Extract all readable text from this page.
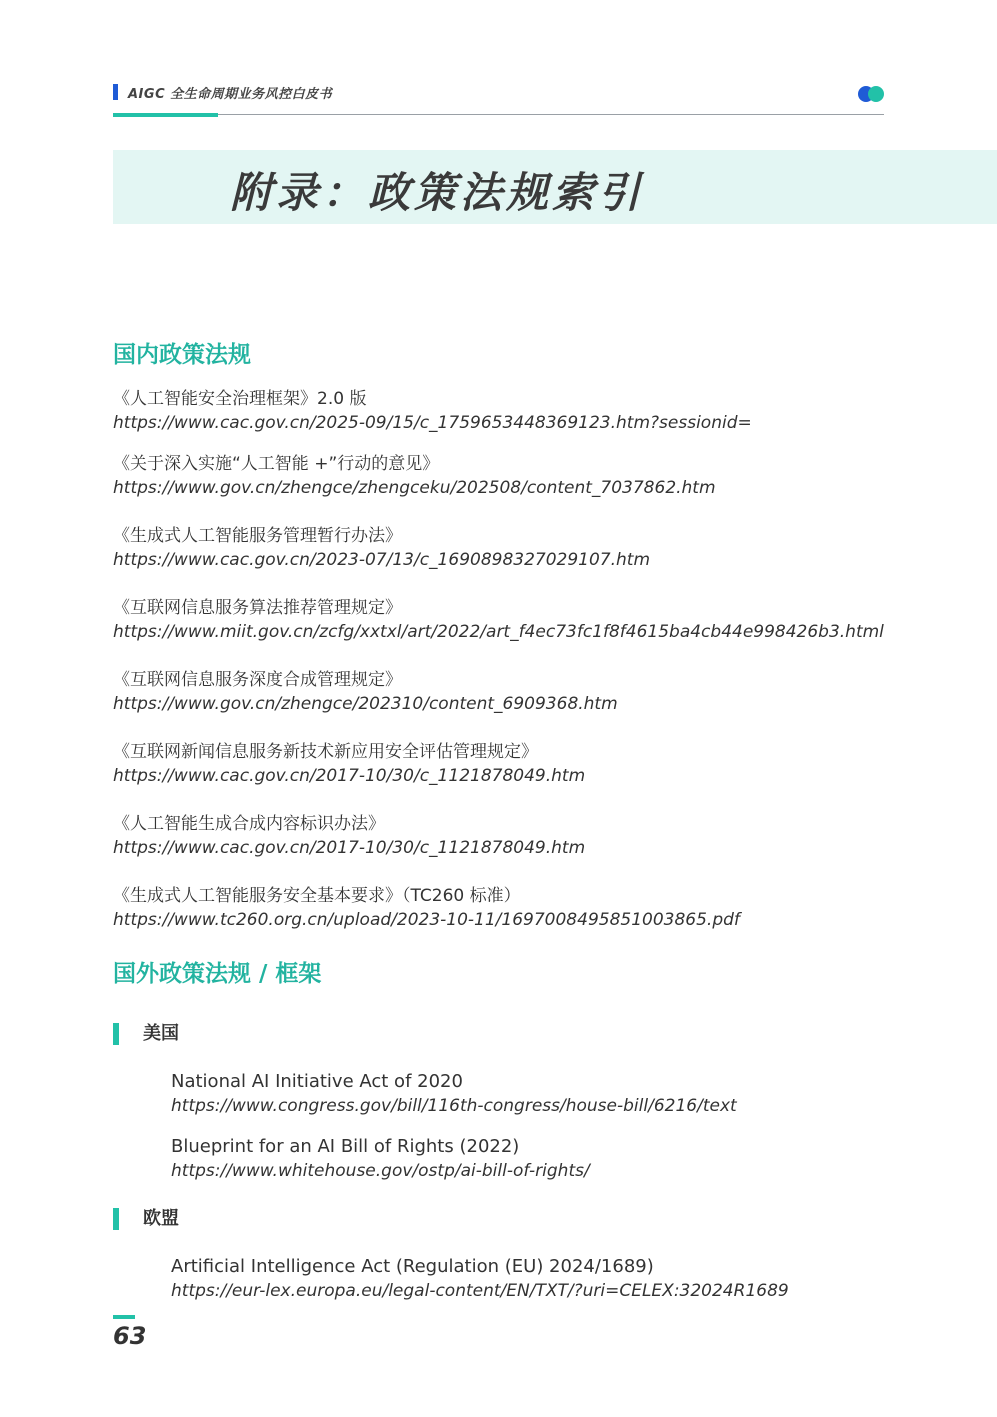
AIGC 全生命周期业务风控白皮书
附录：政策法规索引
国内政策法规
《人工智能安全治理框架》2.0 版
https://www.cac.gov.cn/2025-09/15/c_1759653448369123.htm?sessionid=
《关于深入实施“人工智能 +”行动的意见》
https://www.gov.cn/zhengce/zhengceku/202508/content_7037862.htm
《生成式人工智能服务管理暂行办法》
https://www.cac.gov.cn/2023-07/13/c_1690898327029107.htm
《互联网信息服务算法推荐管理规定》
https://www.miit.gov.cn/zcfg/xxtxl/art/2022/art_f4ec73fc1f8f4615ba4cb44e998426b3.html
《互联网信息服务深度合成管理规定》
https://www.gov.cn/zhengce/202310/content_6909368.htm
《互联网新闻信息服务新技术新应用安全评估管理规定》
https://www.cac.gov.cn/2017-10/30/c_1121878049.htm
《人工智能生成合成内容标识办法》
https://www.cac.gov.cn/2017-10/30/c_1121878049.htm
《生成式人工智能服务安全基本要求》（TC260 标准）
https://www.tc260.org.cn/upload/2023-10-11/1697008495851003865.pdf
国外政策法规 / 框架
美国
National AI Initiative Act of 2020
https://www.congress.gov/bill/116th-congress/house-bill/6216/text
Blueprint for an AI Bill of Rights (2022)
https://www.whitehouse.gov/ostp/ai-bill-of-rights/
欧盟
Artificial Intelligence Act (Regulation (EU) 2024/1689)
https://eur-lex.europa.eu/legal-content/EN/TXT/?uri=CELEX:32024R1689
63
